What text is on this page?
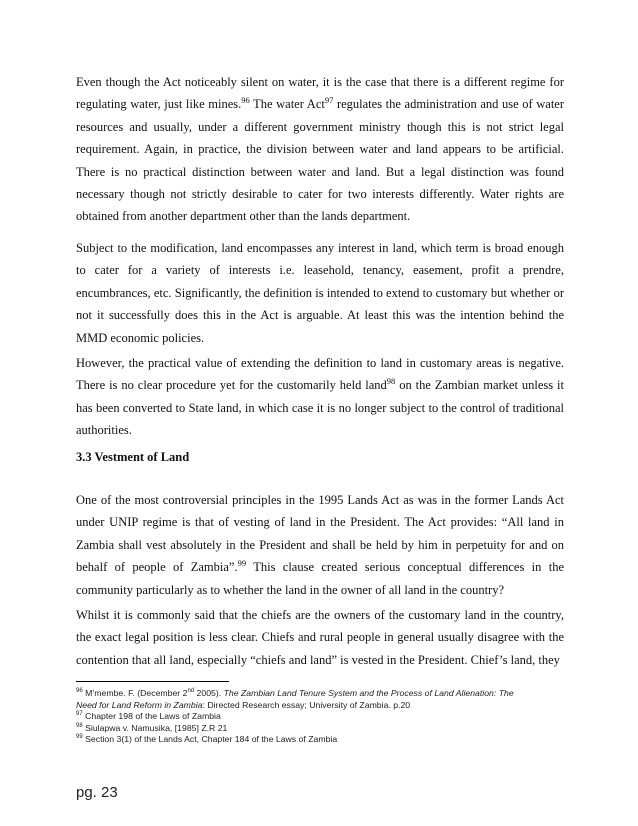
Even though the Act noticeably silent on water, it is the case that there is a different regime for regulating water, just like mines.$^{96}$ The water Act$^{97}$ regulates the administration and use of water resources and usually, under a different government ministry though this is not strict legal requirement. Again, in practice, the division between water and land appears to be artificial. There is no practical distinction between water and land. But a legal distinction was found necessary though not strictly desirable to cater for two interests differently. Water rights are obtained from another department other than the lands department.
Subject to the modification, land encompasses any interest in land, which term is broad enough to cater for a variety of interests i.e. leasehold, tenancy, easement, profit a prendre, encumbrances, etc. Significantly, the definition is intended to extend to customary but whether or not it successfully does this in the Act is arguable. At least this was the intention behind the MMD economic policies.
However, the practical value of extending the definition to land in customary areas is negative. There is no clear procedure yet for the customarily held land$^{98}$ on the Zambian market unless it has been converted to State land, in which case it is no longer subject to the control of traditional authorities.
3.3 Vestment of Land
One of the most controversial principles in the 1995 Lands Act as was in the former Lands Act under UNIP regime is that of vesting of land in the President. The Act provides: “All land in Zambia shall vest absolutely in the President and shall be held by him in perpetuity for and on behalf of people of Zambia”.$^{99}$ This clause created serious conceptual differences in the community particularly as to whether the land in the owner of all land in the country?
Whilst it is commonly said that the chiefs are the owners of the customary land in the country, the exact legal position is less clear. Chiefs and rural people in general usually disagree with the contention that all land, especially “chiefs and land” is vested in the President. Chief’s land, they
$^{96}$ M’membe. F. (December 2nd 2005). The Zambian Land Tenure System and the Process of Land Alienation: The
Need for Land Reform in Zambia: Directed Research essay; University of Zambia. p.20
$^{97}$ Chapter 198 of the Laws of Zambia
$^{98}$ Siulapwa v. Namusika, [1985] Z.R 21
$^{99}$ Section 3(1) of the Lands Act, Chapter 184 of the Laws of Zambia
pg. 23
